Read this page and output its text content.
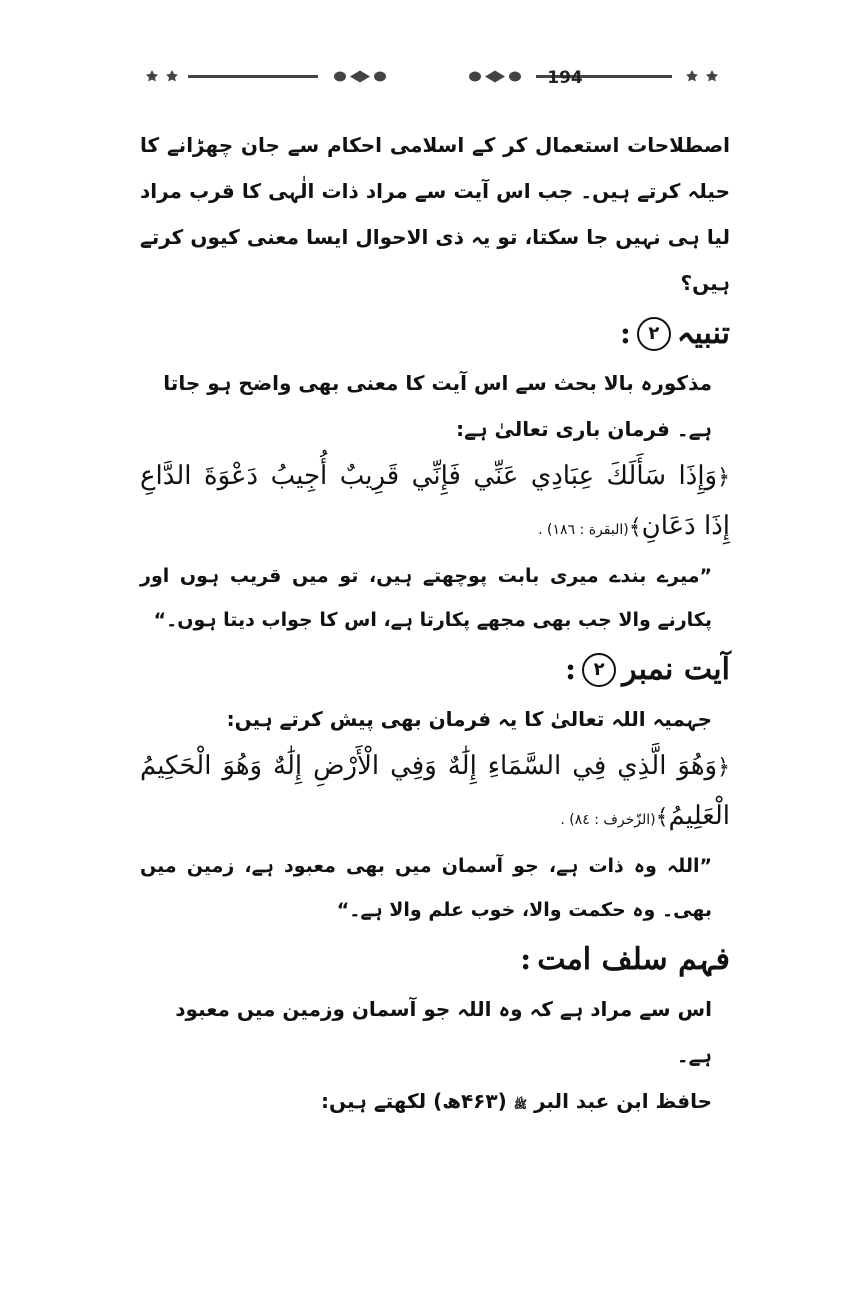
194

اصطلاحات استعمال کر کے اسلامی احکام سے جان چھڑانے کا حیلہ کرتے ہیں۔ جب اس آیت سے مراد ذات الٰہی کا قرب مراد لیا ہی نہیں جا سکتا، تو یہ ذی الاحوال ایسا معنی کیوں کرتے ہیں؟

تنبیہ
۲
:

مذکورہ بالا بحث سے اس آیت کا معنی بھی واضح ہو جاتا ہے۔ فرمان باری تعالیٰ ہے:

﴿وَإِذَا سَأَلَكَ عِبَادِي عَنِّي فَإِنِّي قَرِيبٌ أُجِيبُ دَعْوَةَ الدَّاعِ إِذَا دَعَانِ﴾(البقرة : ١٨٦) .

”میرے بندے میری بابت پوچھتے ہیں، تو میں قریب ہوں اور پکارنے والا جب بھی مجھے پکارتا ہے، اس کا جواب دیتا ہوں۔“

آیت نمبر
۲
:

جہمیہ اللہ تعالیٰ کا یہ فرمان بھی پیش کرتے ہیں:

﴿وَهُوَ الَّذِي فِي السَّمَاءِ إِلَٰهٌ وَفِي الْأَرْضِ إِلَٰهٌ وَهُوَ الْحَكِيمُ الْعَلِيمُ﴾(الزّخرف : ٨٤) .

”اللہ وہ ذات ہے، جو آسمان میں بھی معبود ہے، زمین میں بھی۔ وہ حکمت والا، خوب علم والا ہے۔“

فہم سلف امت
:

اس سے مراد ہے کہ وہ اللہ جو آسمان وزمین میں معبود ہے۔

حافظ ابن عبد البر ﷺ (۴۶۳ھ) لکھتے ہیں:
